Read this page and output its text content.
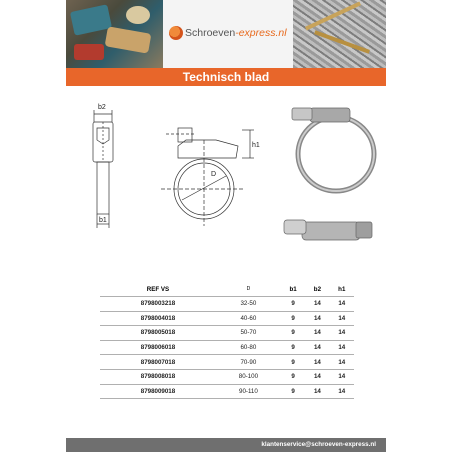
Schroeven-express.nl
Technisch blad
b2
b1
h1
D
REF VS	D	b1	b2	h1
8798003218	32-50	9	14	14
8798004018	40-60	9	14	14
8798005018	50-70	9	14	14
8798006018	60-80	9	14	14
8798007018	70-90	9	14	14
8798008018	80-100	9	14	14
8798009018	90-110	9	14	14
klantenservice@schroeven-express.nl
